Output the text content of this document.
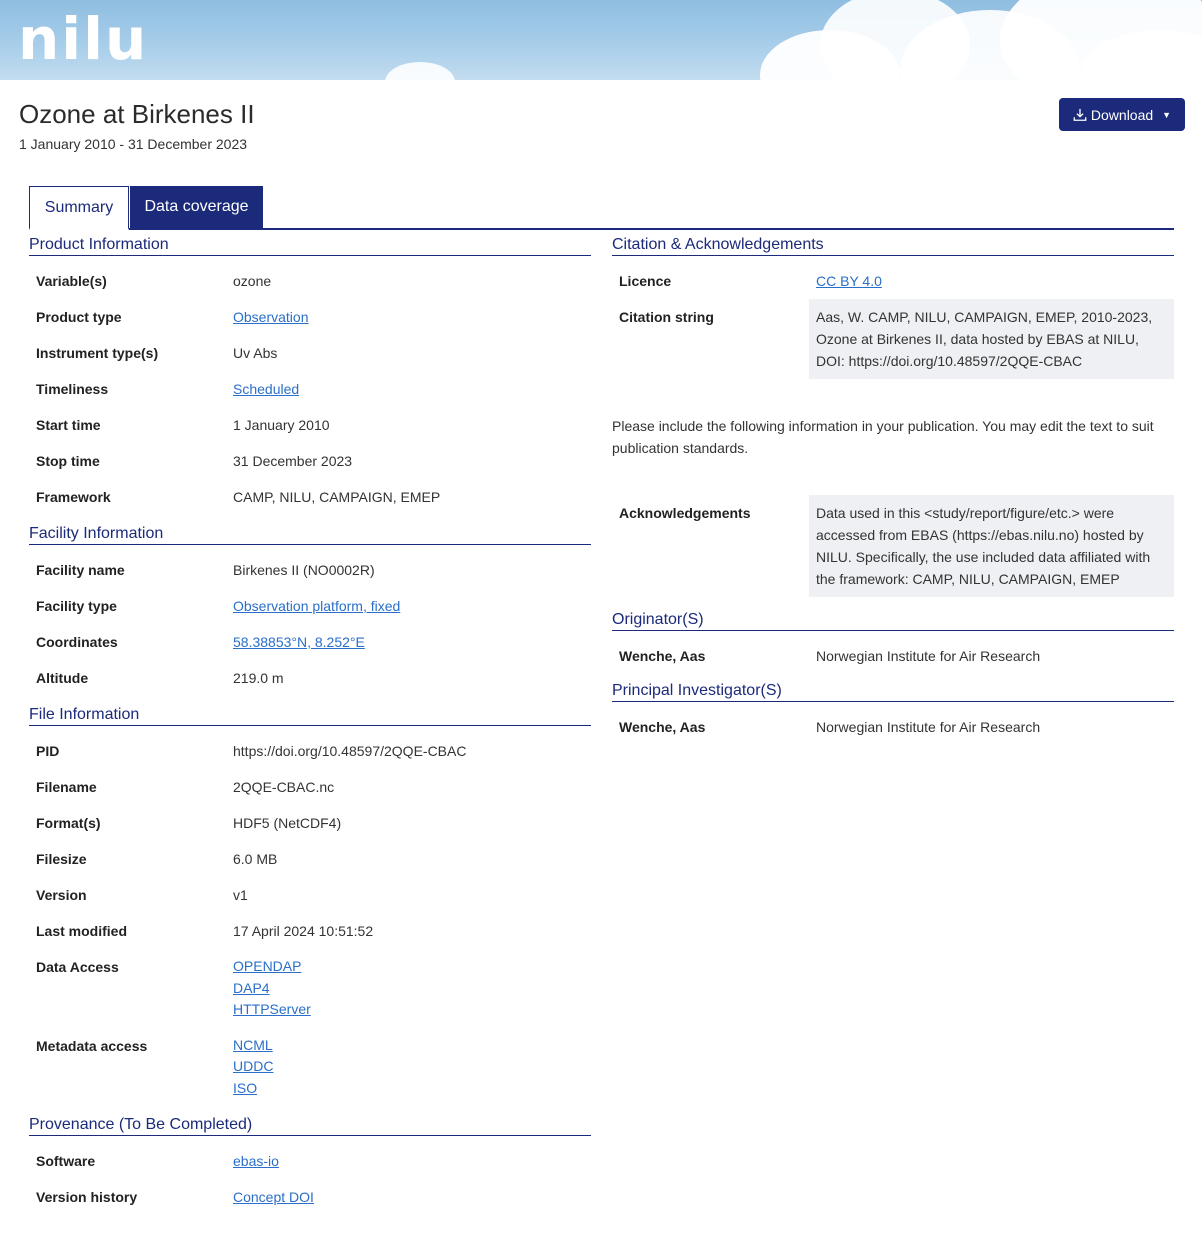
nilu
Ozone at Birkenes II
1 January 2010 - 31 December 2023
Download ▼
Summary	Data coverage
Product Information
Variable(s)	ozone
Product type	Observation
Instrument type(s)	Uv Abs
Timeliness	Scheduled
Start time	1 January 2010
Stop time	31 December 2023
Framework	CAMP, NILU, CAMPAIGN, EMEP
Facility Information
Facility name	Birkenes II (NO0002R)
Facility type	Observation platform, fixed
Coordinates	58.38853°N, 8.252°E
Altitude	219.0 m
File Information
PID	https://doi.org/10.48597/2QQE-CBAC
Filename	2QQE-CBAC.nc
Format(s)	HDF5 (NetCDF4)
Filesize	6.0 MB
Version	v1
Last modified	17 April 2024 10:51:52
Data Access	OPENDAP
DAP4
HTTPServer

Metadata access	NCML
UDDC
ISO
Provenance (To Be Completed)
Software	ebas-io
Version history	Concept DOI
Citation & Acknowledgements
Licence	CC BY 4.0
Citation string	Aas, W. CAMP, NILU, CAMPAIGN, EMEP, 2010-2023, Ozone at Birkenes II, data hosted by EBAS at NILU, DOI: https://doi.org/10.48597/2QQE-CBAC
Please include the following information in your publication. You may edit the text to suit publication standards.
Acknowledgements	Data used in this <study/report/figure/etc.> were accessed from EBAS (https://ebas.nilu.no) hosted by NILU. Specifically, the use included data affiliated with the framework: CAMP, NILU, CAMPAIGN, EMEP
Originator(S)
Wenche, Aas	Norwegian Institute for Air Research
Principal Investigator(S)
Wenche, Aas	Norwegian Institute for Air Research
